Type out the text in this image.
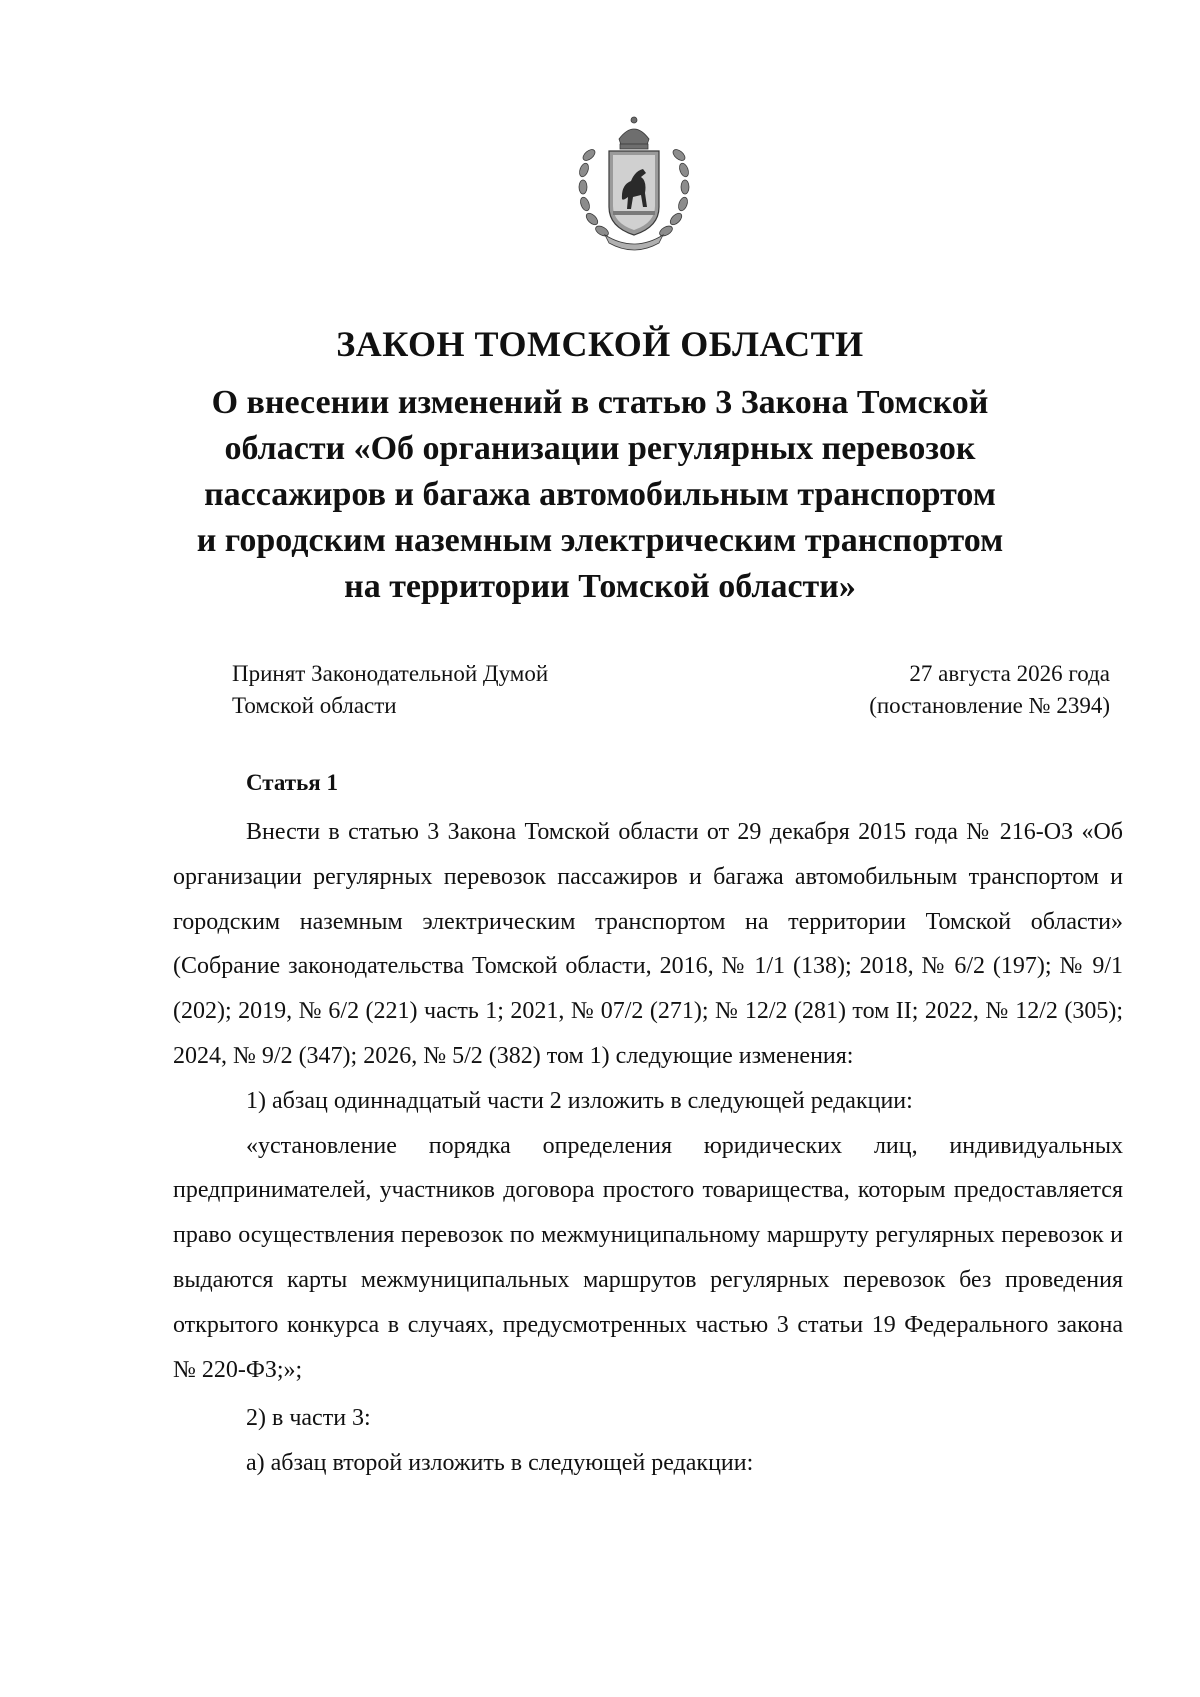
ЗАКОН ТОМСКОЙ ОБЛАСТИ
О внесении изменений в статью 3 Закона Томской
области «Об организации регулярных перевозок
пассажиров и багажа автомобильным транспортом
и городским наземным электрическим транспортом
на территории Томской области»
Принят Законодательной Думой
Томской области
27 августа 2026 года
(постановление № 2394)
Статья 1

Внести в статью 3 Закона Томской области от 29 декабря 2015 года № 216-ОЗ «Об организации регулярных перевозок пассажиров и багажа автомобильным транспортом и городским наземным электрическим транспортом на территории Томской области» (Собрание законодательства Томской области, 2016, № 1/1 (138); 2018, № 6/2 (197); № 9/1 (202); 2019, № 6/2 (221) часть 1; 2021, № 07/2 (271); № 12/2 (281) том II; 2022, № 12/2 (305); 2024, № 9/2 (347); 2026, № 5/2 (382) том 1) следующие изменения:

1) абзац одиннадцатый части 2 изложить в следующей редакции:

«установление порядка определения юридических лиц, индивидуальных предпринимателей, участников договора простого товарищества, которым предоставляется право осуществления перевозок по межмуниципальному маршруту регулярных перевозок и выдаются карты межмуниципальных маршрутов регулярных перевозок без проведения открытого конкурса в случаях, предусмотренных частью 3 статьи 19 Федерального закона № 220-ФЗ;»;

2) в части 3:

а) абзац второй изложить в следующей редакции:
